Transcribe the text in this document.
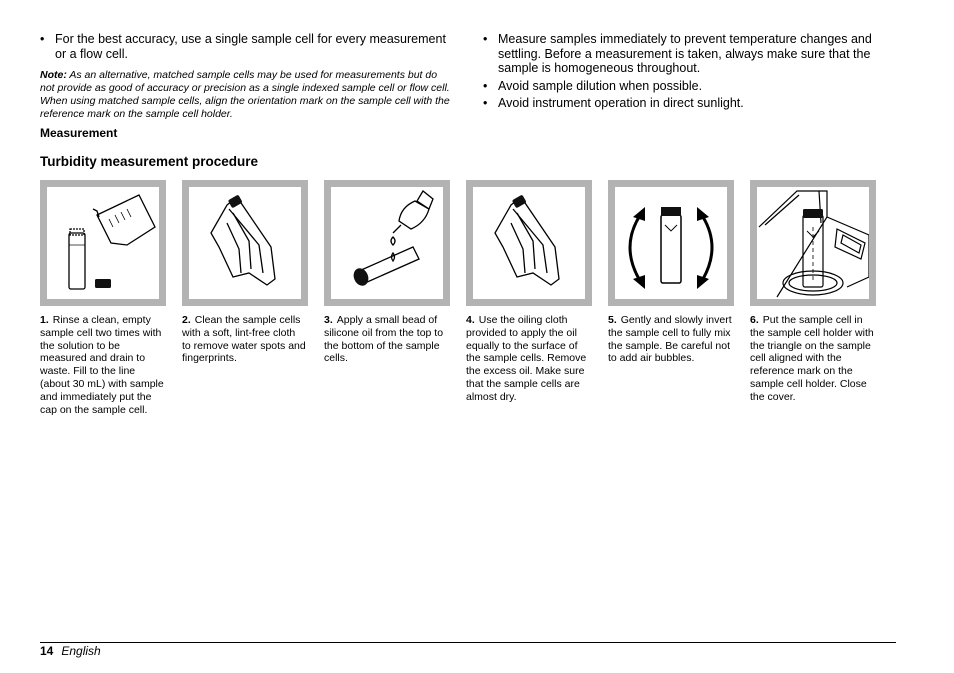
• For the best accuracy, use a single sample cell for every measurement or a flow cell.
Note: As an alternative, matched sample cells may be used for measurements but do not provide as good of accuracy or precision as a single indexed sample cell or flow cell. When using matched sample cells, align the orientation mark on the sample cell with the reference mark on the sample cell holder.
Measurement
• Measure samples immediately to prevent temperature changes and settling. Before a measurement is taken, always make sure that the sample is homogeneous throughout.
• Avoid sample dilution when possible.
• Avoid instrument operation in direct sunlight.
Turbidity measurement procedure
1. Rinse a clean, empty sample cell two times with the solution to be measured and drain to waste. Fill to the line (about 30 mL) with sample and immediately put the cap on the sample cell.
2. Clean the sample cells with a soft, lint-free cloth to remove water spots and fingerprints.
3. Apply a small bead of silicone oil from the top to the bottom of the sample cells.
4. Use the oiling cloth provided to apply the oil equally to the surface of the sample cells. Remove the excess oil. Make sure that the sample cells are almost dry.
5. Gently and slowly invert the sample cell to fully mix the sample. Be careful not to add air bubbles.
6. Put the sample cell in the sample cell holder with the triangle on the sample cell aligned with the reference mark on the sample cell holder. Close the cover.
14 English
